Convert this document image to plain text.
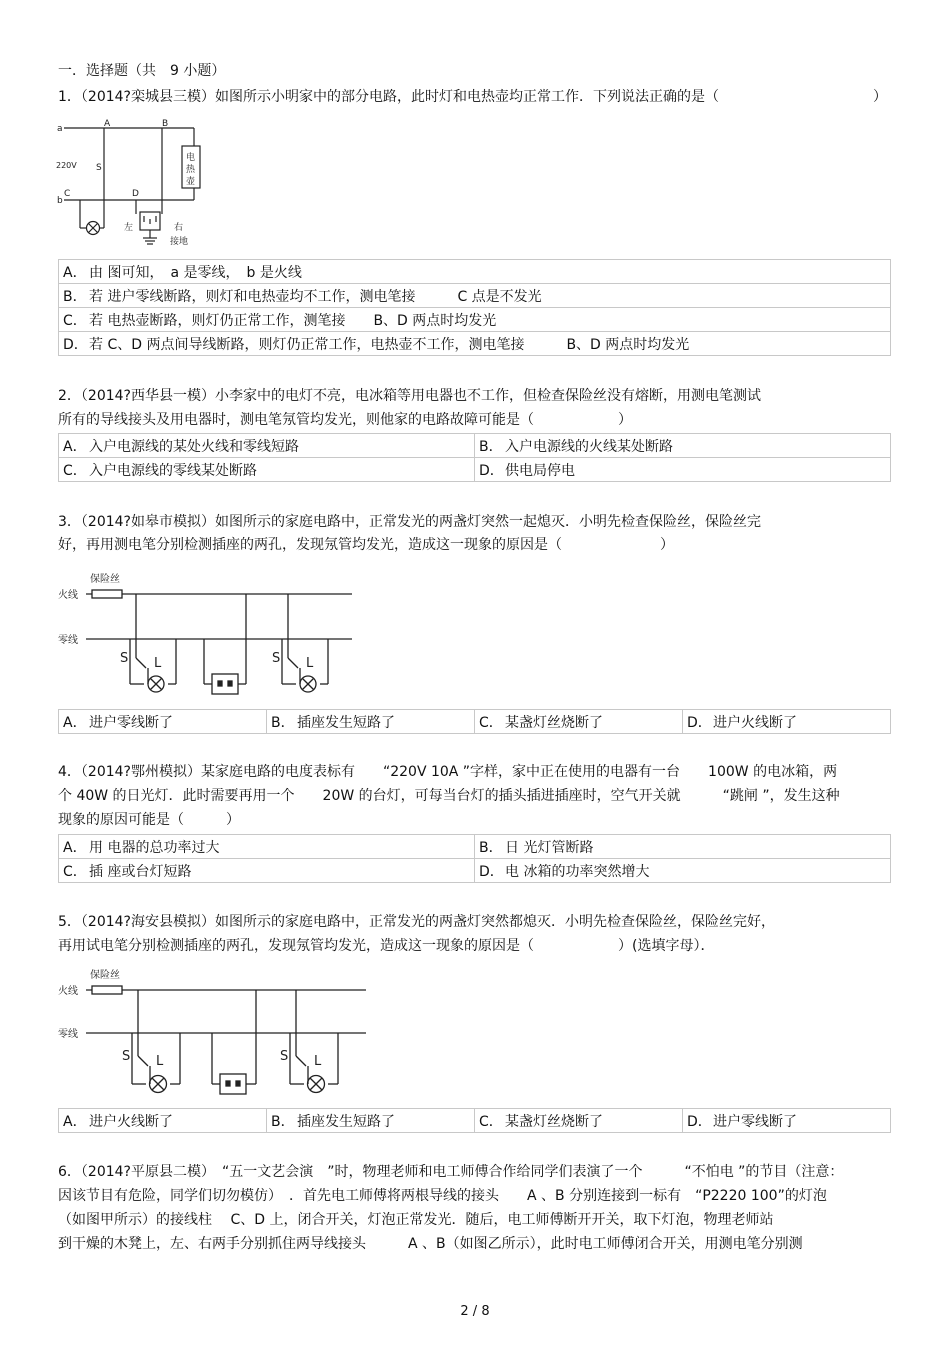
一．选择题（共　9 小题）
1．（2014?栾城县三模）如图所示小明家中的部分电路，此时灯和电热壶均正常工作．下列说法正确的是（　　　　　　　　　　　）
a
b
A	B
C	D
S
220V
电
热
壶
左	右
接地
A． 由 图可知，　a 是零线，　b 是火线
B． 若 进户零线断路，则灯和电热壶均不工作，测电笔接　　　C 点是不发光
C． 若 电热壶断路，则灯仍正常工作，测笔接　　B、D 两点时均发光
D．若 C、D 两点间导线断路，则灯仍正常工作，电热壶不工作，测电笔接　　　B、D 两点时均发光
2．（2014?西华县一模）小李家中的电灯不亮，电冰箱等用电器也不工作，但检查保险丝没有熔断，用测电笔测试
所有的导线接头及用电器时，测电笔氖管均发光，则他家的电路故障可能是（　　　　　　）
A． 入户电源线的某处火线和零线短路	B． 入户电源线的火线某处断路
C． 入户电源线的零线某处断路	D．供电局停电
3．（2014?如皋市模拟）如图所示的家庭电路中，正常发光的两盏灯突然一起熄灭．小明先检查保险丝，保险丝完
好，再用测电笔分别检测插座的两孔，发现氖管均发光，造成这一现象的原因是（　　　　　　　）
保险丝
火线
零线
S L	S L
A． 进户零线断了	B． 插座发生短路了	C． 某盏灯丝烧断了	D．进户火线断了
4．（2014?鄂州模拟）某家庭电路的电度表标有　　“220V 10A ”字样，家中正在使用的电器有一台　　100W 的电冰箱，两
个 40W 的日光灯．此时需要再用一个　　20W 的台灯，可每当台灯的插头插进插座时，空气开关就　　　“跳闸 ”，发生这种
现象的原因可能是（　　　）
A． 用 电器的总功率过大	B． 日 光灯管断路
C． 插 座或台灯短路	D．电 冰箱的功率突然增大
5．（2014?海安县模拟）如图所示的家庭电路中，正常发光的两盏灯突然都熄灭．小明先检查保险丝，保险丝完好，
再用试电笔分别检测插座的两孔，发现氖管均发光，造成这一现象的原因是（　　　　　　）(选填字母）．
保险丝
火线
零线
S L	S L
A． 进户火线断了	B． 插座发生短路了	C． 某盏灯丝烧断了	D．进户零线断了
6．（2014?平原县二模）　“五一文艺会演　”时，物理老师和电工师傅合作给同学们表演了一个　　　“不怕电 ”的节目（注意：
因该节目有危险，同学们切勿模仿）　．首先电工师傅将两根导线的接头　　A 、B 分别连接到一标有　“P2220 100”的灯泡
（如图甲所示）的接线柱　 C、D 上，闭合开关，灯泡正常发光．随后，电工师傅断开开关，取下灯泡，物理老师站
到干燥的木凳上，左、右两手分别抓住两导线接头　　　A 、B（如图乙所示），此时电工师傅闭合开关，用测电笔分别测
2 / 8
